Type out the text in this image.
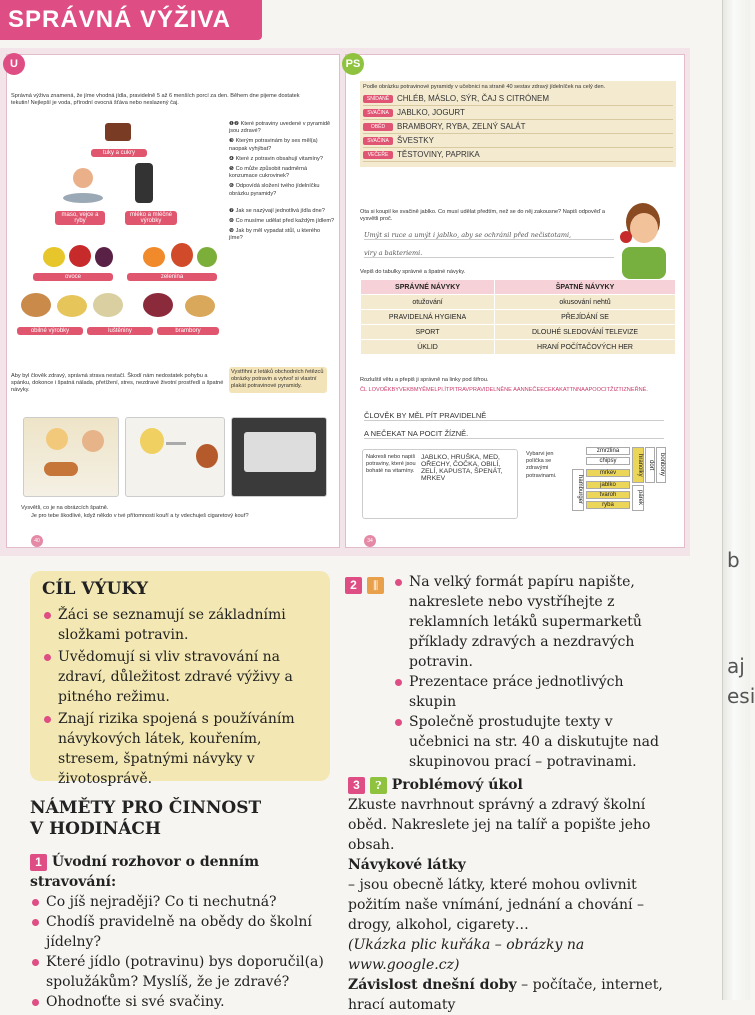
b
aj
esi
SPRÁVNÁ VÝŽIVA
U
Správná výživa znamená, že jíme vhodná jídla, pravidelně 5 až 6 menších porcí za den. Během dne pijeme dostatek tekutin! Nejlepší je voda, přírodní ovocná šťáva nebo neslazený čaj.
tuky a cukry
maso, vejce a ryby
mléko a mléčné výrobky
ovoce	zelenina
obilné výrobky	luštěniny	brambory
❶❷ Které potraviny uvedené v pyramidě jsou zdravé?
❸ Kterým potravinám by ses měl(a) naopak vyhýbat?
❹ Které z potravin obsahují vitamíny?
❺ Co může způsobit nadměrná konzumace cukrovinek?
❻ Odpovídá složení tvého jídelníčku obrázku pyramidy?
❼ Jak se nazývají jednotlivá jídla dne?
❽ Co musíme udělat před každým jídlem?
❾ Jak by měl vypadat stůl, u kterého jíme?
Aby byl člověk zdravý, správná strava nestačí. Škodí nám nedostatek pohybu a spánku, dokonce i špatná nálada, přetížení, stres, nezdravé životní prostředí a špatné návyky.
Vystřihni z letáků obchodních řetězců obrázky potravin a vytvoř si vlastní plakát potravinové pyramidy.
Vysvětli, co je na obrázcích špatně.
Je pro tebe škodlivé, když někdo v tvé přítomnosti kouří a ty vdechuješ cigaretový kouř?
40
PS
Podle obrázku potravinové pyramidy v učebnici na straně 40 sestav zdravý jídelníček na celý den.
SNÍDANĚ CHLÉB, MÁSLO, SÝR, ČAJ S CITRÓNEM
SVAČINA	JABLKO, JOGURT
OBĚD	BRAMBORY, RYBA, ZELNÝ SALÁT
SVAČINA	ŠVESTKY
VEČEŘE	TĚSTOVINY, PAPRIKA
Ota si koupil ke svačině jablko. Co musí udělat předtím, než se do něj zakousne? Napiš odpověď a vysvětli proč.
Umýt si ruce a umýt i jablko, aby se ochránil před nečistotami,
viry a bakteriemi.
Vepiš do tabulky správné a špatné návyky.
SPRÁVNÉ NÁVYKY	ŠPATNÉ NÁVYKY
otužování	okusování nehtů
PRAVIDELNÁ HYGIENA	PŘEJÍDÁNÍ SE
SPORT	DLOUHÉ SLEDOVÁNÍ TELEVIZE
ÚKLID	HRANÍ POČÍTAČOVÝCH HER
Rozluštil větu a přepiš ji správně na linky pod šifrou.
ČL LOVOĚKBYVEKBMYĚMELPI.ĪTPITRAVPRAVIDELNĚNE AANNEČEECEKAKATTNNAAPOOCITŽIZTIZNEŘNÉ.
ČLOVĚK BY MĚL PÍT PRAVIDELNĚ
A NEČEKAT NA POCIT ŽÍZNĚ.
Nakresli nebo napiš potraviny, které jsou bohaté na vitamíny.
JABLKO, HRUŠKA, MED, OŘECHY, ČOČKA, OBILÍ, ZELÍ, KAPUSTA, ŠPENÁT, MRKEV
Vybarvi jen políčka se zdravými potravinami.
zmrzlina
chipsy	hranolky dort bonbony
mrkev
jablko
tvaroh
ryba
hamburger	párek
34
CÍL VÝUKY
Žáci se seznamují se základními složkami potravin.
Uvědomují si vliv stravování na zdraví, důležitost zdravé výživy a pitného režimu.
Znají rizika spojená s používáním návykových látek, kouřením, stresem, špatnými návyky v životosprávě.
NÁMĚTY PRO ČINNOST
V HODINÁCH
1 Úvodní rozhovor o denním stravování:
Co jíš nejraději? Co ti nechutná?
Chodíš pravidelně na obědy do školní jídelny?
Které jídlo (potravinu) bys doporučil(a) spolužákům? Myslíš, že je zdravé?
Ohodnoťte si své svačiny.
2 ⫼	Na velký formát papíru napište, nakreslete nebo vystříhejte z reklamních letáků supermarketů příklady zdravých a nezdravých potravin.
Prezentace práce jednotlivých skupin
Společně prostudujte texty v učebnici na str. 40 a diskutujte nad skupinovou prací – potravinami.
3 ? Problémový úkol
Zkuste navrhnout správný a zdravý školní oběd. Nakreslete jej na talíř a popište jeho obsah.
Návykové látky
– jsou obecně látky, které mohou ovlivnit požitím naše vnímání, jednání a chování – drogy, alkohol, cigarety…
(Ukázka plic kuřáka – obrázky na www.google.cz)
Závislost dnešní doby – počítače, internet, hrací automaty
